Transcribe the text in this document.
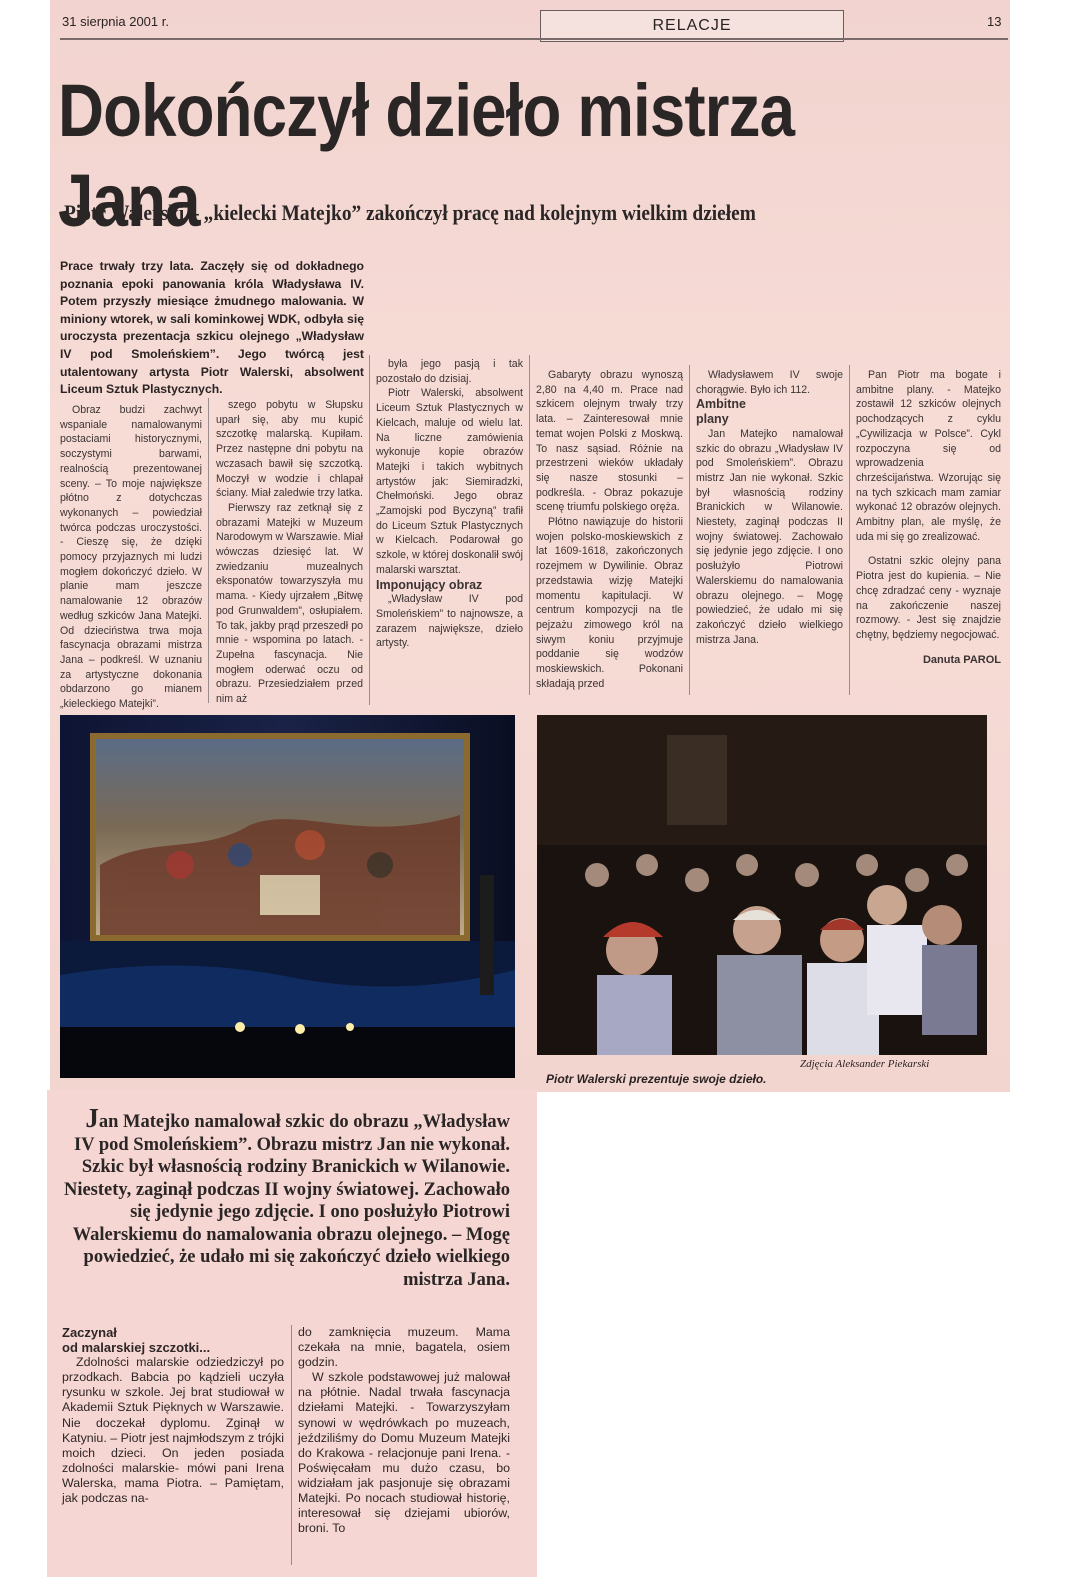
31 sierpnia 2001 r.	RELACJE	13
Dokończył dzieło mistrza Jana
Piotr Walerski – „kielecki Matejko” zakończył pracę nad kolejnym wielkim dziełem
Prace trwały trzy lata. Zaczęły się od dokładnego poznania epoki panowania króla Władysława IV. Potem przyszły miesiące żmudnego malowania. W miniony wtorek, w sali kominkowej WDK, odbyła się uroczysta prezentacja szkicu olejnego „Władysław IV pod Smoleńskiem”. Jego twórcą jest utalentowany artysta Piotr Walerski, absolwent Liceum Sztuk Plastycznych.

Obraz budzi zachwyt wspaniale namalowanymi postaciami historycznymi, soczystymi barwami, realnością prezentowanej sceny. – To moje największe płótno z dotychczas wykonanych – powiedział twórca podczas uroczystości. - Cieszę się, że dzięki pomocy przyjaznych mi ludzi mogłem dokończyć dzieło. W planie mam jeszcze namalowanie 12 obrazów według szkiców Jana Matejki. Od dzieciństwa trwa moja fascynacja obrazami mistrza Jana – podkreśl. W uznaniu za artystyczne dokonania obdarzono go mianem „kieleckiego Matejki”.

szego pobytu w Słupsku uparł się, aby mu kupić szczotkę malarską. Kupiłam. Przez następne dni pobytu na wczasach bawił się szczotką. Moczył w wodzie i chlapał ściany. Miał zaledwie trzy latka.

Pierwszy raz zetknął się z obrazami Matejki w Muzeum Narodowym w Warszawie. Miał wówczas dziesięć lat. W zwiedzaniu muzealnych eksponatów towarzyszyła mu mama. - Kiedy ujrzałem „Bitwę pod Grunwaldem”, osłupiałem. To tak, jakby prąd przeszedł po mnie - wspomina po latach. - Zupełna fascynacja. Nie mogłem oderwać oczu od obrazu. Przesiedziałem przed nim aż

była jego pasją i tak pozostało do dzisiaj.

Piotr Walerski, absolwent Liceum Sztuk Plastycznych w Kielcach, maluje od wielu lat. Na liczne zamówienia wykonuje kopie obrazów Matejki i takich wybitnych artystów jak: Siemiradzki, Chełmoński. Jego obraz „Zamojski pod Byczyną” trafił do Liceum Sztuk Plastycznych w Kielcach. Podarował go szkole, w której doskonalił swój malarski warsztat.

Imponujący obraz

„Władysław IV pod Smoleńskiem” to najnowsze, a zarazem największe, dzieło artysty.

Gabaryty obrazu wynoszą 2,80 na 4,40 m. Prace nad szkicem olejnym trwały trzy lata. – Zainteresował mnie temat wojen Polski z Moskwą. To nasz sąsiad. Różnie na przestrzeni wieków układały się nasze stosunki – podkreśla. - Obraz pokazuje scenę triumfu polskiego oręża.

Płótno nawiązuje do historii wojen polsko-moskiewskich z lat 1609-1618, zakończonych rozejmem w Dywilinie. Obraz przedstawia wizję Matejki momentu kapitulacji. W centrum kompozycji na tle pejzażu zimowego król na siwym koniu przyjmuje poddanie się wodzów moskiewskich. Pokonani składają przed

Władysławem IV swoje chorągwie. Było ich 112.

Ambitne

plany

Jan Matejko namalował szkic do obrazu „Władysław IV pod Smoleńskiem”. Obrazu mistrz Jan nie wykonał. Szkic był własnością rodziny Branickich w Wilanowie. Niestety, zaginął podczas II wojny światowej. Zachowało się jedynie jego zdjęcie. I ono posłużyło Piotrowi Walerskiemu do namalowania obrazu olejnego. – Mogę powiedzieć, że udało mi się zakończyć dzieło wielkiego mistrza Jana.

Pan Piotr ma bogate i ambitne plany. - Matejko zostawił 12 szkiców olejnych pochodzących z cyklu „Cywilizacja w Polsce”. Cykl rozpoczyna się od wprowadzenia chrześcijaństwa. Wzorując się na tych szkicach mam zamiar wykonać 12 obrazów olejnych. Ambitny plan, ale myślę, że uda mi się go zrealizować.

Ostatni szkic olejny pana Piotra jest do kupienia. – Nie chcę zdradzać ceny - wyznaje na zakończenie naszej rozmowy. - Jest się znajdzie chętny, będziemy negocjować.

Danuta PAROL
Zdjęcia Aleksander Piekarski
Piotr Walerski prezentuje swoje dzieło.
Jan Matejko namalował szkic do obrazu „Władysław IV pod Smoleńskiem”. Obrazu mistrz Jan nie wykonał. Szkic był własnością rodziny Branickich w Wilanowie. Niestety, zaginął podczas II wojny światowej. Zachowało się jedynie jego zdjęcie. I ono posłużyło Piotrowi Walerskiemu do namalowania obrazu olejnego. – Mogę powiedzieć, że udało mi się zakończyć dzieło wielkiego mistrza Jana.

Zaczynał

od malarskiej szczotki...

Zdolności malarskie odziedziczył po przodkach. Babcia po kądzieli uczyła rysunku w szkole. Jej brat studiował w Akademii Sztuk Pięknych w Warszawie. Nie doczekał dyplomu. Zginął w Katyniu. – Piotr jest najmłodszym z trójki moich dzieci. On jeden posiada zdolności malarskie- mówi pani Irena Walerska, mama Piotra. – Pamiętam, jak podczas na-

do zamknięcia muzeum. Mama czekała na mnie, bagatela, osiem godzin.

W szkole podstawowej już malował na płótnie. Nadal trwała fascynacja dziełami Matejki. - Towarzyszyłam synowi w wędrówkach po muzeach, jeździliśmy do Domu Muzeum Matejki do Krakowa - relacjonuje pani Irena. - Poświęcałam mu dużo czasu, bo widziałam jak pasjonuje się obrazami Matejki. Po nocach studiował historię, interesował się dziejami ubiorów, broni. To
